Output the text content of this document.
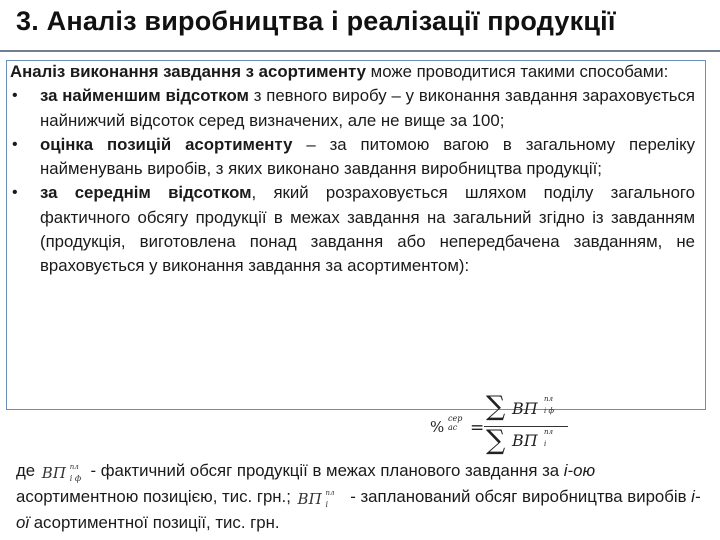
3. Аналіз виробництва і реалізації продукції

Аналіз виконання завдання з асортименту може проводитися такими способами:

• за найменшим відсотком з певного виробу – у виконання завдання зараховується найнижчий відсоток серед визначених, але не вище за 100;
• оцінка позицій асортименту – за питомою вагою в загальному переліку найменувань виробів, з яких виконано завдання виробництва продукції;
• за середнім відсотком, який розраховується шляхом поділу загального фактичного обсягу продукції в межах завдання на загальний згідно із завданням (продукція, виготовлена понад завдання або непередбачена завданням, не враховується у виконання завдання за асортиментом):
% сер
ас =
∑ ВП пл
і ф
∑ ВП пл
і
де ВП пл
і ф - фактичний обсяг продукції в межах планового завдання за і-ою асортиментною позицією, тис. грн.; ВП пл
і - запланований обсяг виробництва виробів і-ої асортиментної позиції, тис. грн.
